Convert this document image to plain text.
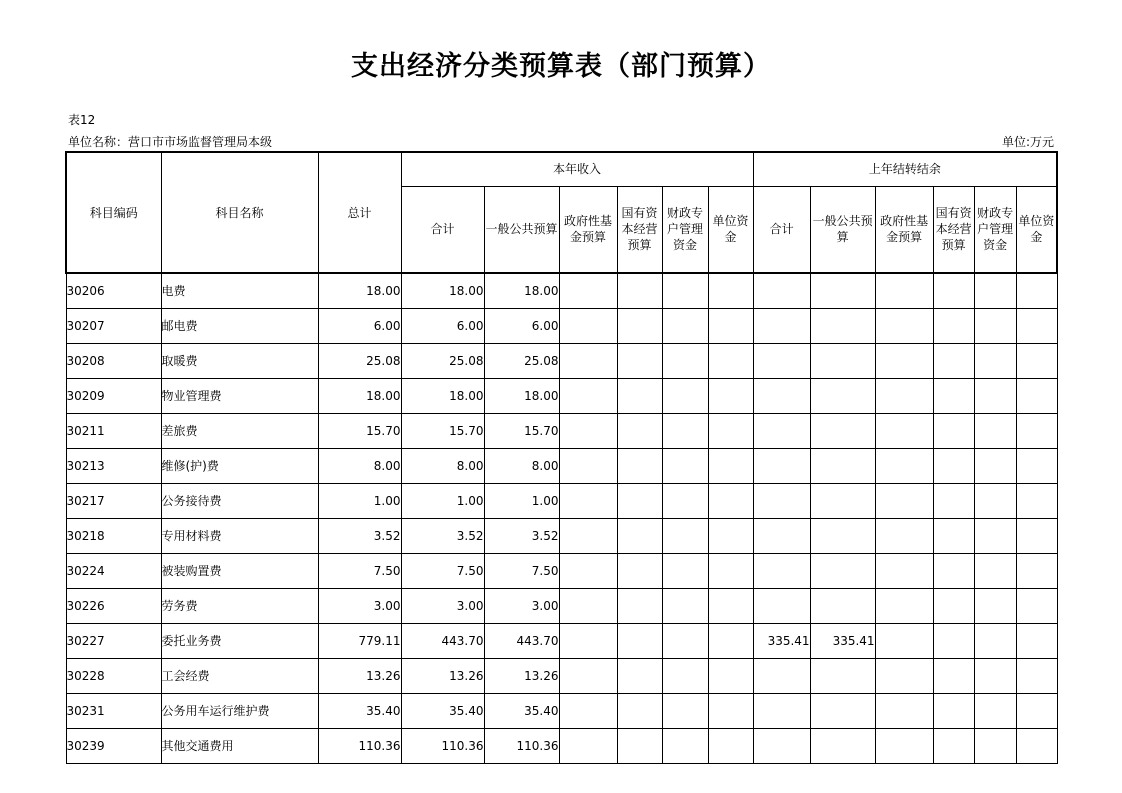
支出经济分类预算表（部门预算）
表12
单位名称：营口市市场监督管理局本级	单位:万元
科目编码	科目名称	总计	本年收入						上年结转结余					
			合计	一般公共预算	政府性基金预算	国有资本经营预算	财政专户管理资金	单位资金	合计	一般公共预算	政府性基金预算	国有资本经营预算	财政专户管理资金	单位资金
30206	电费	18.00	18.00	18.00										
30207	邮电费	6.00	6.00	6.00										
30208	取暖费	25.08	25.08	25.08										
30209	物业管理费	18.00	18.00	18.00										
30211	差旅费	15.70	15.70	15.70										
30213	维修(护)费	8.00	8.00	8.00										
30217	公务接待费	1.00	1.00	1.00										
30218	专用材料费	3.52	3.52	3.52										
30224	被装购置费	7.50	7.50	7.50										
30226	劳务费	3.00	3.00	3.00										
30227	委托业务费	779.11	443.70	443.70					335.41	335.41				
30228	工会经费	13.26	13.26	13.26										
30231	公务用车运行维护费	35.40	35.40	35.40										
30239	其他交通费用	110.36	110.36	110.36										
